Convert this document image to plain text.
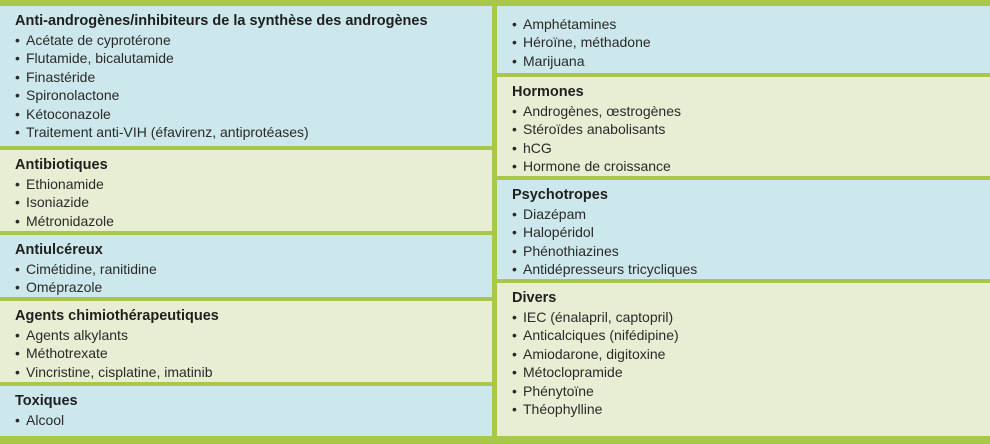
Anti-androgènes/inhibiteurs de la synthèse des androgènes
• Acétate de cyprotérone
• Flutamide, bicalutamide
• Finastéride
• Spironolactone
• Kétoconazole
• Traitement anti-VIH (éfavirenz, antiprotéases)
Antibiotiques
• Ethionamide
• Isoniazide
• Métronidazole
Antiulcéreux
• Cimétidine, ranitidine
• Oméprazole
Agents chimiothérapeutiques
• Agents alkylants
• Méthotrexate
• Vincristine, cisplatine, imatinib
Toxiques
• Alcool
• Amphétamines
• Héroïne, méthadone
• Marijuana
Hormones
• Androgènes, œstrogènes
• Stéroïdes anabolisants
• hCG
• Hormone de croissance
Psychotropes
• Diazépam
• Halopéridol
• Phénothiazines
• Antidépresseurs tricycliques
Divers
• IEC (énalapril, captopril)
• Anticalciques (nifédipine)
• Amiodarone, digitoxine
• Métoclopramide
• Phénytoïne
• Théophylline
